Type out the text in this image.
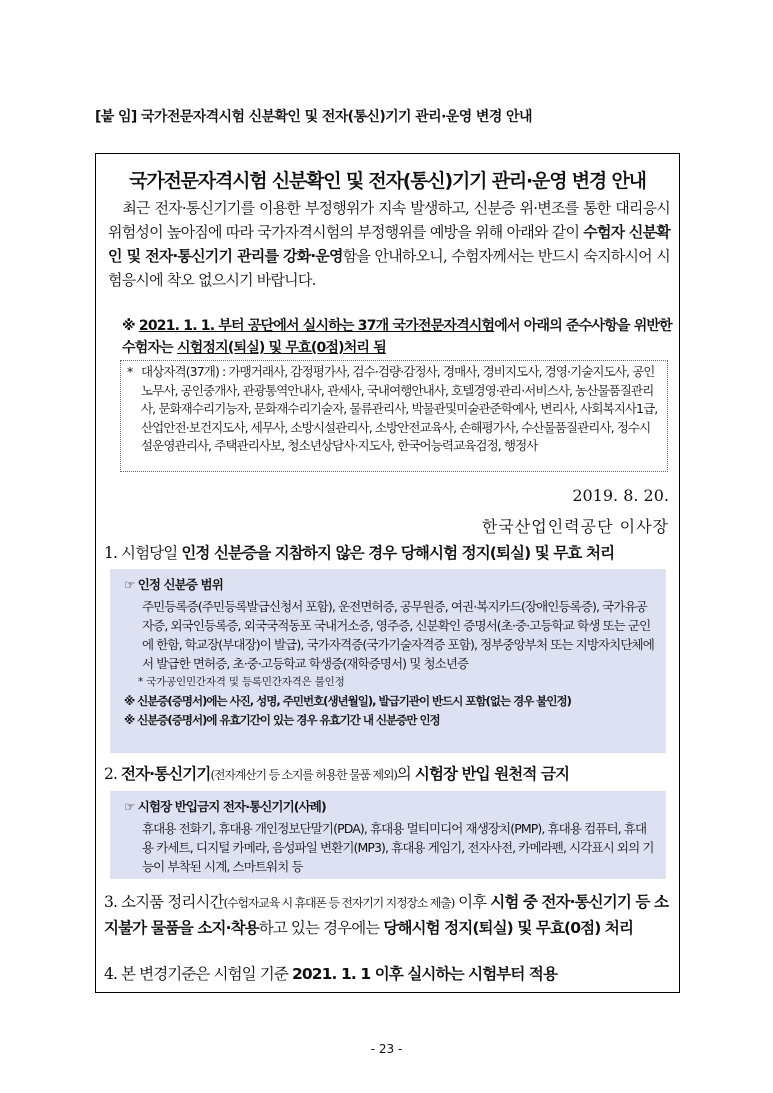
[붙 임] 국가전문자격시험 신분확인 및 전자(통신)기기 관리·운영 변경 안내
국가전문자격시험 신분확인 및 전자(통신)기기 관리·운영 변경 안내
최근 전자·통신기기를 이용한 부정행위가 지속 발생하고, 신분증 위·변조를 통한 대리응시 위험성이 높아짐에 따라 국가자격시험의 부정행위를 예방을 위해 아래와 같이 수험자 신분확인 및 전자·통신기기 관리를 강화·운영함을 안내하오니, 수험자께서는 반드시 숙지하시어 시험응시에 착오 없으시기 바랍니다.
※ 2021. 1. 1. 부터 공단에서 실시하는 37개 국가전문자격시험에서 아래의 준수사항을 위반한 수험자는 시험정지(퇴실) 및 무효(0점)처리 됨
* 대상자격(37개) : 가맹거래사, 감정평가사, 검수·검량·감정사, 경매사, 경비지도사, 경영·기술지도사, 공인노무사, 공인중개사, 관광통역안내사, 관세사, 국내여행안내사, 호텔경영·관리·서비스사, 농산물품질관리사, 문화재수리기능자, 문화재수리기술자, 물류관리사, 박물관및미술관준학예사, 변리사, 사회복지사1급, 산업안전·보건지도사, 세무사, 소방시설관리사, 소방안전교육사, 손해평가사, 수산물품질관리사, 정수시설운영관리사, 주택관리사보, 청소년상담사·지도사, 한국어능력교육검정, 행정사
2019. 8. 20.
한국산업인력공단 이사장
1. 시험당일 인정 신분증을 지참하지 않은 경우 당해시험 정지(퇴실) 및 무효 처리
☞ 인정 신분증 범위
주민등록증(주민등록발급신청서 포함), 운전면허증, 공무원증, 여권·복지카드(장애인등록증), 국가유공자증, 외국인등록증, 외국국적동포 국내거소증, 영주증, 신분확인 증명서(초·중·고등학교 학생 또는 군인에 한함, 학교장(부대장)이 발급), 국가자격증(국가기술자격증 포함), 정부중앙부처 또는 지방자치단체에서 발급한 면허증, 초·중·고등학교 학생증(재학증명서) 및 청소년증
* 국가공인민간자격 및 등록민간자격은 불인정
※ 신분증(증명서)에는 사진, 성명, 주민번호(생년월일), 발급기관이 반드시 포함(없는 경우 불인정)
※ 신분증(증명서)에 유효기간이 있는 경우 유효기간 내 신분증만 인정
2. 전자·통신기기(전자계산기 등 소지를 허용한 물품 제외)의 시험장 반입 원천적 금지
☞ 시험장 반입금지 전자·통신기기(사례)
휴대용 전화기, 휴대용 개인정보단말기(PDA), 휴대용 멀티미디어 재생장치(PMP), 휴대용 컴퓨터, 휴대용 카세트, 디지털 카메라, 음성파일 변환기(MP3), 휴대용 게임기, 전자사전, 카메라펜, 시각표시 외의 기능이 부착된 시계, 스마트워치 등
3. 소지품 정리시간(수험자교육 시 휴대폰 등 전자기기 지정장소 제출) 이후 시험 중 전자·통신기기 등 소지불가 물품을 소지·착용하고 있는 경우에는 당해시험 정지(퇴실) 및 무효(0점) 처리
4. 본 변경기준은 시험일 기준 2021. 1. 1 이후 실시하는 시험부터 적용
- 23 -
